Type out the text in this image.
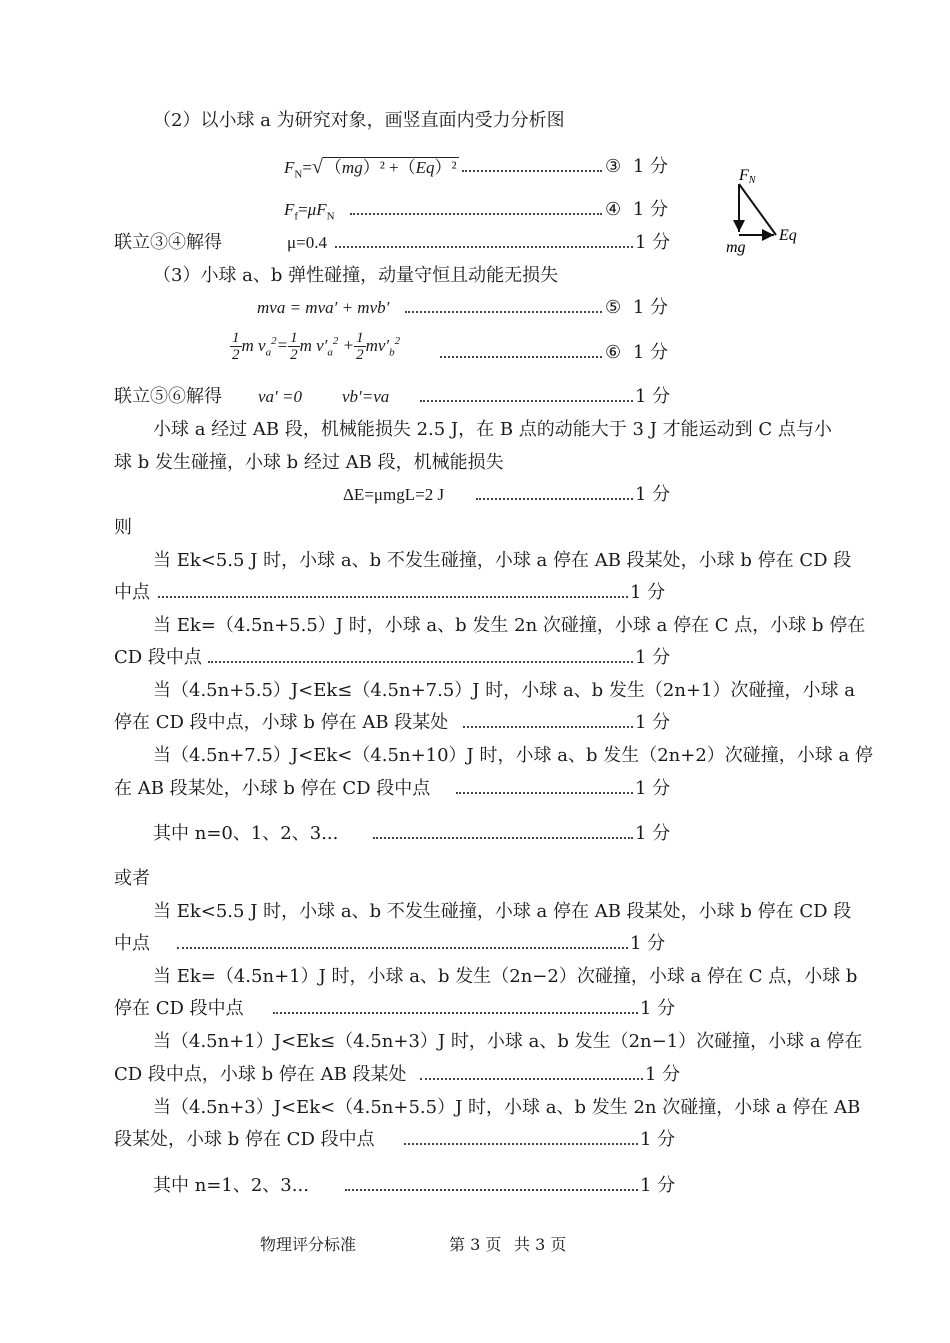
（2）以小球 a 为研究对象，画竖直面内受力分析图
$F_N=√$ （mg）² +（Eq）²	③ 1 分
$F_f=\mu F_N$	④ 1 分
联立③④解得	μ=0.4	1 分
FN
Eq
mg
（3）小球 a、b 弹性碰撞，动量守恒且动能无损失
mva = mva′ + mvb′	⑤ 1 分
$\frac{1}{2}$ m $v_a^2= \frac{1}{2}$ m $v'_a^2 + \frac{1}{2} mv'_b^2$
⑥ 1 分
联立⑤⑥解得 va′ =0 vb′=va	1 分
小球 a 经过 AB 段，机械能损失 2.5 J，在 B 点的动能大于 3 J 才能运动到 C 点与小
球 b 发生碰撞，小球 b 经过 AB 段，机械能损失
ΔE=μmgL=2 J	1 分
则
当 Ek<5.5 J 时，小球 a、b 不发生碰撞，小球 a 停在 AB 段某处，小球 b 停在 CD 段
中点	1 分
当 Ek=（4.5n+5.5）J 时，小球 a、b 发生 2n 次碰撞，小球 a 停在 C 点，小球 b 停在
CD 段中点	1 分
当（4.5n+5.5）J<Ek≤（4.5n+7.5）J 时，小球 a、b 发生（2n+1）次碰撞，小球 a
停在 CD 段中点，小球 b 停在 AB 段某处	1 分
当（4.5n+7.5）J<Ek<（4.5n+10）J 时，小球 a、b 发生（2n+2）次碰撞，小球 a 停
在 AB 段某处，小球 b 停在 CD 段中点	1 分
其中 n=0、1、2、3...	1 分
或者
当 Ek<5.5 J 时，小球 a、b 不发生碰撞，小球 a 停在 AB 段某处，小球 b 停在 CD 段
中点	1 分
当 Ek=（4.5n+1）J 时，小球 a、b 发生（2n−2）次碰撞，小球 a 停在 C 点，小球 b
停在 CD 段中点	1 分
当（4.5n+1）J<Ek≤（4.5n+3）J 时，小球 a、b 发生（2n−1）次碰撞，小球 a 停在
CD 段中点，小球 b 停在 AB 段某处	1 分
当（4.5n+3）J<Ek<（4.5n+5.5）J 时，小球 a、b 发生 2n 次碰撞，小球 a 停在 AB
段某处，小球 b 停在 CD 段中点	1 分
其中 n=1、2、3...	1 分
物理评分标准	第 3 页 共 3 页
